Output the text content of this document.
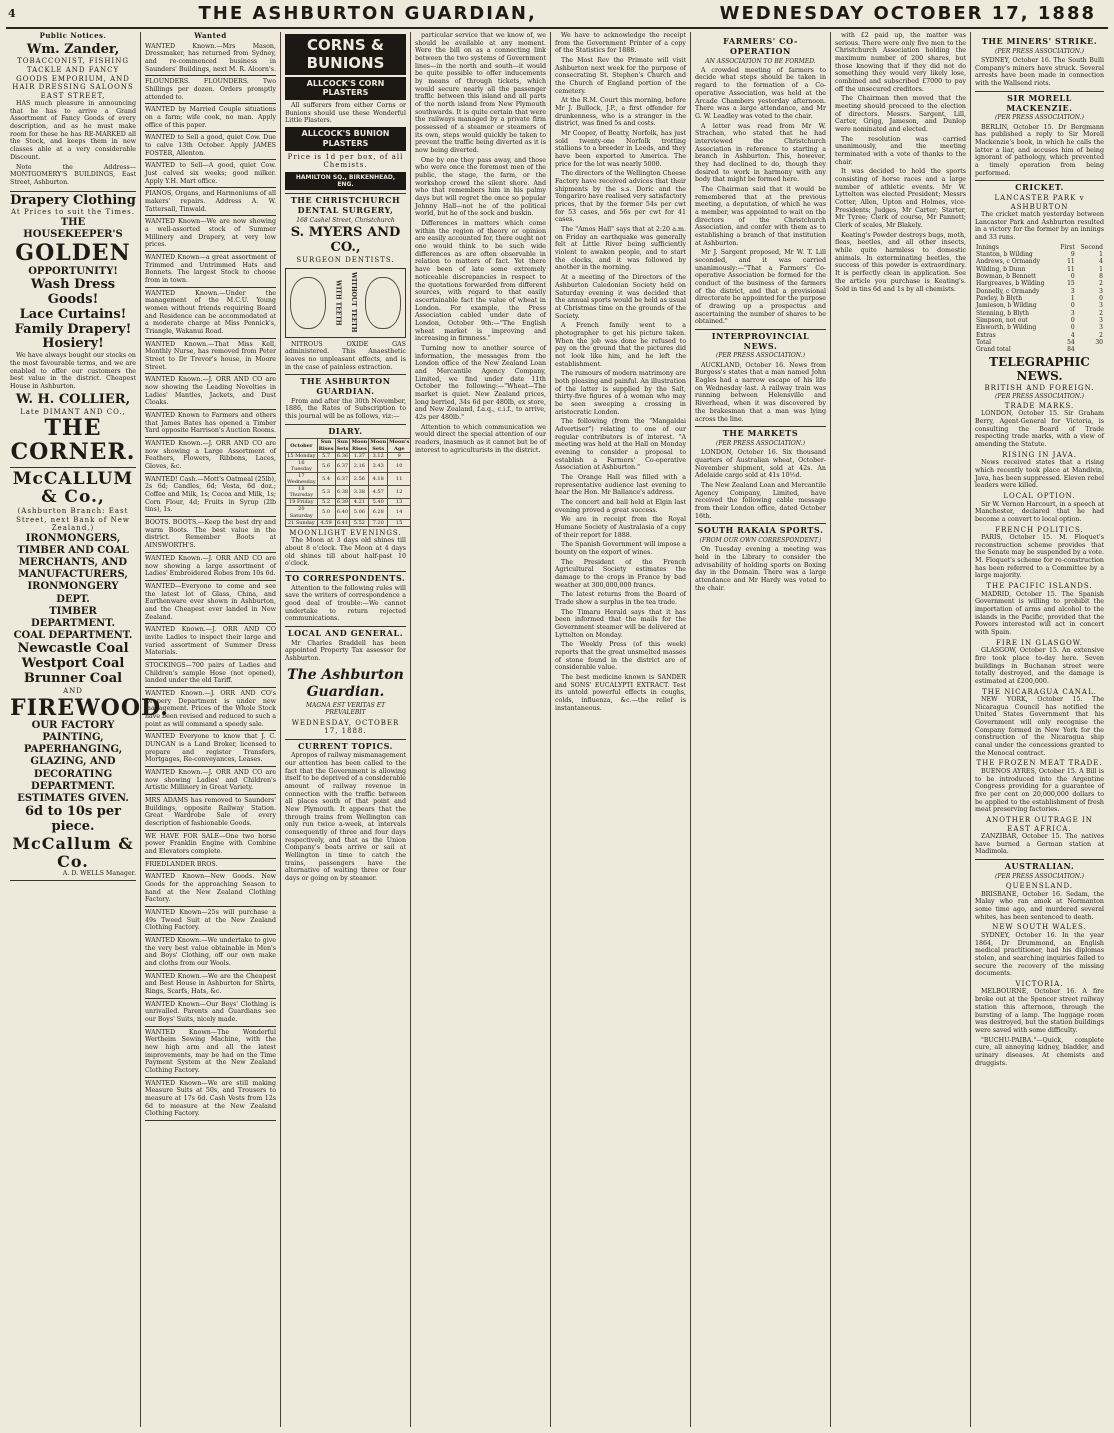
4	THE ASHBURTON GUARDIAN,	WEDNESDAY OCTOBER 17, 1888
Public Notices.
Wm. Zander,
TOBACCONIST, FISHING TACKLE AND FANCY GOODS EMPORIUM, AND HAIR DRESSING SALOONS
EAST STREET,

HAS much pleasure in announcing that he has to arrive a Grand Assortment of Fancy Goods of every description, and as he must make room for these he has RE-MARKED all the Stock, and keeps them in new classes able at a very considerable Discount.

Note the Address— MONTGOMERY'S BUILDINGS, East Street, Ashburton.

Drapery Clothing
At Prices to suit the Times.
THE HOUSEKEEPER'S
GOLDEN
OPPORTUNITY!
Wash Dress Goods!
Lace Curtains!
Family Drapery!
Hosiery!

We have always bought our stocks on the most favourable terms, and we are enabled to offer our customers the best value in the district. Cheapest House in Ashburton.

W. H. COLLIER,
Late DIMANT AND CO.,
THE CORNER.
McCALLUM & Co.,
(Ashburton Branch: East Street, next Bank of New Zealand,)
IRONMONGERS, TIMBER AND COAL MERCHANTS, AND MANUFACTURERS,
IRONMONGERY DEPT.
TIMBER DEPARTMENT.
COAL DEPARTMENT.
Newcastle Coal
Westport Coal
Brunner Coal
AND
FIREWOOD.
OUR FACTORY
PAINTING, PAPERHANGING, GLAZING, AND DECORATING DEPARTMENT.
ESTIMATES GIVEN.
6d to 10s per piece.
McCallum & Co.
A. D. WELLS Manager.
Wanted
WANTED Known.—Mrs Mason, Dressmaker, has returned from Sydney, and re-commenced business in Saunders' Buildings, next M. R. Alcorn's.
FLOUNDERS. FLOUNDERS. Two Shillings per dozen. Orders promptly attended to.
WANTED by Married Couple situations on a farm; wife cook, no man. Apply office of this paper.
WANTED to Sell a good, quiet Cow. Due to calve 13th October. Apply JAMES FOSTER, Allenton.
WANTED to Sell—A good, quiet Cow. Just calved six weeks; good milker. Apply Y.H. Mart office.
PIANOS, Organs, and Harmoniums of all makers' repairs. Address A. W. Tattersall, Tinwald.
WANTED Known—We are now showing a well-assorted stock of Summer Millinery and Drapery, at very low prices.
WANTED Known—a great assortment of Trimmed and Untrimmed Hats and Bonnets. The largest Stock to choose from in town.
WANTED Known.—Under the management of the M.C.U. Young women without friends requiring Board and Residence can be accommodated at a moderate charge at Miss Pennick's, Triangle, Wakanui Road.
WANTED Known.—That Miss Kell, Monthly Nurse, has removed from Peter Street to Dr Trevor's house, in Moore Street.
WANTED Known.—J. ORR AND CO are now showing the Leading Novelties in Ladies' Mantles, Jackets, and Dust Cloaks.
WANTED Known to Farmers and others that James Bates has opened a Timber Yard opposite Harrison's Auction Rooms.
WANTED Known.—J. ORR AND CO are now showing a Large Assortment of Feathers, Flowers, Ribbons, Laces, Gloves, &c.
WANTED! Cash.—Mott's Oatmeal (25lb), 2s 6d; Candles, 6d; Vesta, 6d doz.; Coffee and Milk, 1s; Cocoa and Milk, 1s; Corn Flour, 4d; Fruits in Syrup (2lb tins), 1s.
BOOTS. BOOTS.—Keep the best dry and warm Boots. The best value in the district. Remember Boots at AINSWORTH'S.
WANTED Known.—J. ORR AND CO are now showing a large assortment of Ladies' Embroidered Robes from 10s 6d.
WANTED—Everyone to come and see the latest lot of Glass, China, and Earthenware ever shown in Ashburton, and the Cheapest ever landed in New Zealand.
WANTED Known.—J. ORR AND CO invite Ladies to inspect their large and varied assortment of Summer Dress Materials.
STOCKINGS—700 pairs of Ladies and Children's sample Hose (not opened), landed under the old Tariff.
WANTED Known.—J. ORR AND CO's Drapery Department is under new management. Prices of the Whole Stock have been revised and reduced to such a point as will command a speedy sale.
WANTED Everyone to know that J. C. DUNCAN is a Land Broker, licensed to prepare and register Transfers, Mortgages, Re-conveyances, Leases.
WANTED Known.—J. ORR AND CO are now showing Ladies' and Children's Artistic Millinery in Great Variety.
MRS ADAMS has removed to Saunders' Buildings, opposite Railway Station. Great Wardrobe Sale of every description of fashionable Goods.
WE HAVE FOR SALE—One two horse power Franklin Engine with Combine and Elevators complete.
FRIEDLANDER BROS.
WANTED Known—New Goods. New Goods for the approaching Season to hand at the New Zealand Clothing Factory.
WANTED Known—25s will purchase a 49s Tweed Suit at the New Zealand Clothing Factory.
WANTED Known.—We undertake to give the very best value obtainable in Men's and Boys' Clothing, off our own make and cloths from our Wools.
WANTED Known.—We are the Cheapest and Best House in Ashburton for Shirts, Rings, Scarfs, Hats, &c.
WANTED Known—Our Boys' Clothing is unrivalled. Parents and Guardians see our Boys' Suits, nicely made.
WANTED Known—The Wonderful Wertheim Sewing Machine, with the new high arm and all the latest improvements, may be had on the Time Payment System at the New Zealand Clothing Factory.
WANTED Known—We are still making Measure Suits at 50s, and Trousers to measure at 17s 6d. Cash Vests from 12s 6d to measure at the New Zealand Clothing Factory.
CORNS & BUNIONS
ALLCOCK'S CORN PLASTERS

All sufferers from either Corns or Bunions should use these Wonderful Little Plasters.

ALLCOCK'S BUNION PLASTERS
Price is 1d per box, of all Chemists.
HAMILTON SQ., BIRKENHEAD, ENG.
THE CHRISTCHURCH DENTAL SURGERY,
168 Cashel Street, Christchurch
S. MYERS AND CO.,
SURGEON DENTISTS.
WITH TEETH WITHOUT TEETH

NITROUS OXIDE GAS administered. This Anaesthetic leaves no unpleasant effects, and is in the case of painless extraction.

THE ASHBURTON GUARDIAN.

From and after the 30th November, 1886, the Rates of Subscription to this journal will be as follows, viz:—

DIARY.
October	Sun Rises	Sun Sets	Moon Rises	Moon Sets	Moon's Age
15 Monday	5.7	6.36	1.37	3.12	9
16 Tuesday	5.6	6.37	2.16	3.43	10
17 Wednesday	5.4	6.37	2.56	4.18	11
18 Thursday	5.3	6.38	3.38	4.57	12
19 Friday	5.2	6.39	4.21	5.40	13
20 Saturday	5.0	6.40	5.06	6.28	14
21 Sunday	4.59	6.41	5.52	7.20	15
MOONLIGHT EVENINGS.

The Moon at 3 days old shines till about 8 o'clock. The Moon at 4 days old shines till about half-past 10 o'clock.

TO CORRESPONDENTS.

Attention to the following rules will save the writers of correspondence a good deal of trouble:—We cannot undertake to return rejected communications.

LOCAL AND GENERAL.

Mr Charles Braddell has been appointed Property Tax assessor for Ashburton.

The Ashburton Guardian.
MAGNA EST VERITAS ET PREVALEBIT
WEDNESDAY, OCTOBER 17, 1888.
CURRENT TOPICS.

Apropos of railway mismanagement our attention has been called to the fact that the Government is allowing itself to be deprived of a considerable amount of railway revenue in connection with the traffic between all places south of that point and New Plymouth. It appears that the through trains from Wellington can only run twice a-week, at intervals consequently of three and four days respectively, and that as the Union Company's boats arrive or sail at Wellington in time to catch the trains, passengers have the alternative of waiting three or four days or going on by steamer.

particular service that we know of, we should be available at any moment. Were the bill on as a connecting link between the two systems of Government lines—in the north and south—it would be quite possible to offer inducements by means of through tickets, which would secure nearly all the passenger traffic between this island and all parts of the north island from New Plymouth southwards. It is quite certain that were the railways managed by a private firm possessed of a steamer or steamers of its own, steps would quickly be taken to prevent the traffic being diverted as it is now being diverted.

One by one they pass away, and those who were once the foremost men of the public, the stage, the farm, or the workshop crowd the silent shore. And who that remembers him in his palmy days but will regret the once so popular Johnny Hall—not he of the political world, but he of the sock and buskin.

Differences in matters which come within the region of theory or opinion are easily accounted for, there ought not one would think to be such wide differences as are often observable in relation to matters of fact. Yet there have been of late some extremely noticeable discrepancies in respect to the quotations forwarded from different sources, with regard to that easily ascertainable fact the value of wheat in London. For example, the Press Association cabled under date of London, October 9th:—"The English wheat market is improving and increasing in firmness."

Turning now to another source of information, the messages from the London office of the New Zealand Loan and Mercantile Agency Company, Limited, we find under date 11th October the following:—"Wheat—The market is quiet. New Zealand prices, long berried, 34s 6d per 480lb, ex store, and New Zealand, f.a.q., c.i.f., to arrive, 42s per 480lb."

Attention to which communication we would direct the special attention of our readers, inasmuch as it cannot but be of interest to agriculturists in the district.

We have to acknowledge the receipt from the Government Printer of a copy of the Statistics for 1888.

The Most Rev the Primate will visit Ashburton next week for the purpose of consecrating St. Stephen's Church and the Church of England portion of the cemetery.

At the R.M. Court this morning, before Mr J. Bullock, J.P., a first offender for drunkenness, who is a stranger in the district, was fined 5s and costs.

Mr Cooper, of Beatty, Norfolk, has just sold twenty-one Norfolk trotting stallions to a breeder in Leeds, and they have been exported to America. The price for the lot was nearly 5000.

The directors of the Wellington Cheese Factory have received advices that their shipments by the s.s. Doric and the Tongariro have realised very satisfactory prices, that by the former 54s per cwt for 53 cases, and 56s per cwt for 41 cases.

The "Amos Hall" says that at 2:20 a.m. on Friday an earthquake was generally felt at Little River being sufficiently violent to awaken people, and to start the clocks, and it was followed by another in the morning.

At a meeting of the Directors of the Ashburton Caledonian Society held on Saturday evening it was decided that the annual sports would be held as usual at Christmas time on the grounds of the Society.

A French family went to a photographer to get his picture taken. When the job was done he refused to pay on the ground that the pictures did not look like him, and he left the establishment.

The rumours of modern matrimony are both pleasing and painful. An illustration of the latter is supplied by the Salt, thirty-five figures of a woman who may be seen sweeping a crossing in aristocratic London.

The following (from the "Mangaldai Advertiser") relating to one of our regular contributors is of interest. "A meeting was held at the Hall on Monday evening to consider a proposal to establish a Farmers' Co-operative Association at Ashburton."

The Orange Hall was filled with a representative audience last evening to hear the Hon. Mr Ballance's address.

The concert and ball held at Elgin last evening proved a great success.

We are in receipt from the Royal Humane Society of Australasia of a copy of their report for 1888.

The Spanish Government will impose a bounty on the export of wines.

The President of the French Agricultural Society estimates the damage to the crops in France by bad weather at 300,000,000 francs.

The latest returns from the Board of Trade show a surplus in the tea trade.

The Timaru Herald says that it has been informed that the mails for the Government steamer will be delivered at Lyttelton on Monday.

The Weekly Press (of this week) reports that the great unsmelted masses of stone found in the district are of considerable value.

The best medicine known is SANDER and SONS' EUCALYPTI EXTRACT. Test its untold powerful effects in coughs, colds, influenza, &c.—the relief is instantaneous.

FARMERS' CO-OPERATION
AN ASSOCIATION TO BE FORMED.

A crowded meeting of farmers to decide what steps should be taken in regard to the formation of a Co-operative Association, was held at the Arcade Chambers yesterday afternoon. There was a large attendance, and Mr G. W. Leadley was voted to the chair.

A letter was read from Mr W. Strachan, who stated that he had interviewed the Christchurch Association in reference to starting a branch in Ashburton. This, however, they had declined to do, though they desired to work in harmony with any body that might be formed here.

The Chairman said that it would be remembered that at the previous meeting, a deputation, of which he was a member, was appointed to wait on the directors of the Christchurch Association, and confer with them as to establishing a branch of that institution at Ashburton.

Mr J. Sargent proposed, Mr W. T. Lill seconded, and it was carried unanimously:—"That a Farmers' Co-operative Association be formed for the conduct of the business of the farmers of the district, and that a provisional directorate be appointed for the purpose of drawing up a prospectus and ascertaining the number of shares to be obtained."

INTERPROVINCIAL NEWS.
(PER PRESS ASSOCIATION.)

AUCKLAND, October 16. News from Burgess's states that a man named John Eagles had a narrow escape of his life on Wednesday last. A railway train was running between Helensville and Riverhead, when it was discovered by the brakesman that a man was lying across the line.

THE MARKETS
(PER PRESS ASSOCIATION.)

LONDON, October 16. Six thousand quarters of Australian wheat, October-November shipment, sold at 42s. An Adelaide cargo sold at 41s 10½d.

The New Zealand Loan and Mercantile Agency Company, Limited, have received the following cable message from their London office, dated October 16th.

SOUTH RAKAIA SPORTS.
(FROM OUR OWN CORRESPONDENT.)

On Tuesday evening a meeting was held in the Library to consider the advisability of holding sports on Boxing day in the Domain. There was a large attendance and Mr Hardy was voted to the chair.

with £2 paid up, the matter was serious. There were only five men to the Christchurch Association holding the maximum number of 200 shares, but those knowing that if they did not do something they would very likely lose, combined and subscribed £7000 to pay off the unsecured creditors.

The Chairman then moved that the meeting should proceed to the election of directors. Messrs. Sargent, Lill, Carter, Grigg, Jameson, and Dunlop were nominated and elected.

The resolution was carried unanimously, and the meeting terminated with a vote of thanks to the chair.

It was decided to hold the sports consisting of horse races and a large number of athletic events. Mr W. Lyttelton was elected President; Messrs Cotter, Allen, Upton and Holmes, vice-Presidents; Judges, Mr Carter; Starter, Mr Tyree; Clerk of course, Mr Pannett; Clerk of scales, Mr Blakely.

Keating's Powder destroys bugs, moth, fleas, beetles, and all other insects, while quite harmless to domestic animals. In exterminating beetles, the success of this powder is extraordinary. It is perfectly clean in application. See the article you purchase is Keating's. Sold in tins 6d and 1s by all chemists.

THE MINERS' STRIKE.
(PER PRESS ASSOCIATION.)

SYDNEY, October 16. The South Bulli Company's miners have struck. Several arrests have been made in connection with the Wallsend riots.

SIR MORELL MACKENZIE.
(PER PRESS ASSOCIATION.)

BERLIN, October 15. Dr Bergmann has published a reply to Sir Morell Mackenzie's book, in which he calls the latter a liar, and accuses him of being ignorant of pathology, which prevented a timely operation from being performed.

CRICKET.
LANCASTER PARK v ASHBURTON

The cricket match yesterday between Lancaster Park and Ashburton resulted in a victory for the former by an innings and 33 runs.

Innings	First	Second
Stanton, b Wilding	9	1
Andrews, c Ormandy	11	4
Wilding, b Dunn	11	1
Bowman, b Bennett	0	8
Hargreaves, b Wilding	15	2
Donnelly, c Ormandy	3	3
Pawley, b Blyth	1	0
Jamieson, b Wilding	0	3
Stenning, b Blyth	3	2
Simpson, not out	0	3
Elsworth, b Wilding	0	3
Extras	4	2
Total	54	30
Grand total	84	
TELEGRAPHIC NEWS.
BRITISH AND FOREIGN.
(PER PRESS ASSOCIATION.)
TRADE MARKS.

LONDON, October 15. Sir Graham Berry, Agent-General for Victoria, is consulting the Board of Trade respecting trade marks, with a view of amending the Statute.

RISING IN JAVA.

News received states that a rising which recently took place at Mandivin, Java, has been suppressed. Eleven rebel leaders were killed.

LOCAL OPTION.

Sir W. Vernon Harcourt, in a speech at Manchester, declared that he had become a convert to local option.

FRENCH POLITICS.

PARIS, October 15. M. Floquet's reconstruction scheme provides that the Senate may be suspended by a vote. M. Floquet's scheme for re-construction has been referred to a Committee by a large majority.

THE PACIFIC ISLANDS.

MADRID, October 15. The Spanish Government is willing to prohibit the importation of arms and alcohol to the islands in the Pacific, provided that the Powers interested will act in concert with Spain.

FIRE IN GLASGOW.

GLASGOW, October 15. An extensive fire took place to-day here. Seven buildings in Buchanan street were totally destroyed, and the damage is estimated at £200,000.

THE NICARAGUA CANAL.

NEW YORK, October 15. The Nicaragua Council has notified the United States Government that his Government will only recognise the Company formed in New York for the construction of the Nicaragua ship canal under the concessions granted to the Menocal contract.

THE FROZEN MEAT TRADE.

BUENOS AYRES, October 15. A Bill is to be introduced into the Argentine Congress providing for a guarantee of five per cent on 20,000,000 dollars to be applied to the establishment of fresh meat preserving factories.

ANOTHER OUTRAGE IN EAST AFRICA.

ZANZIBAR, October 15. The natives have burned a German station at Madimola.

AUSTRALIAN.
(PER PRESS ASSOCIATION.)
QUEENSLAND.

BRISBANE, October 16. Sedam, the Malay who ran amok at Normanton some time ago, and murdered several whites, has been sentenced to death.

NEW SOUTH WALES.

SYDNEY, October 16. In the year 1864, Dr Drummond, an English medical practitioner, had his diplomas stolen, and searching inquiries failed to secure the recovery of the missing documents.

VICTORIA.

MELBOURNE, October 16. A fire broke out at the Spencer street railway station this afternoon, through the bursting of a lamp. The luggage room was destroyed, but the station buildings were saved with some difficulty.

"BUCHU-PAIBA."—Quick, complete cure, all annoying kidney, bladder, and urinary diseases. At chemists and druggists.
